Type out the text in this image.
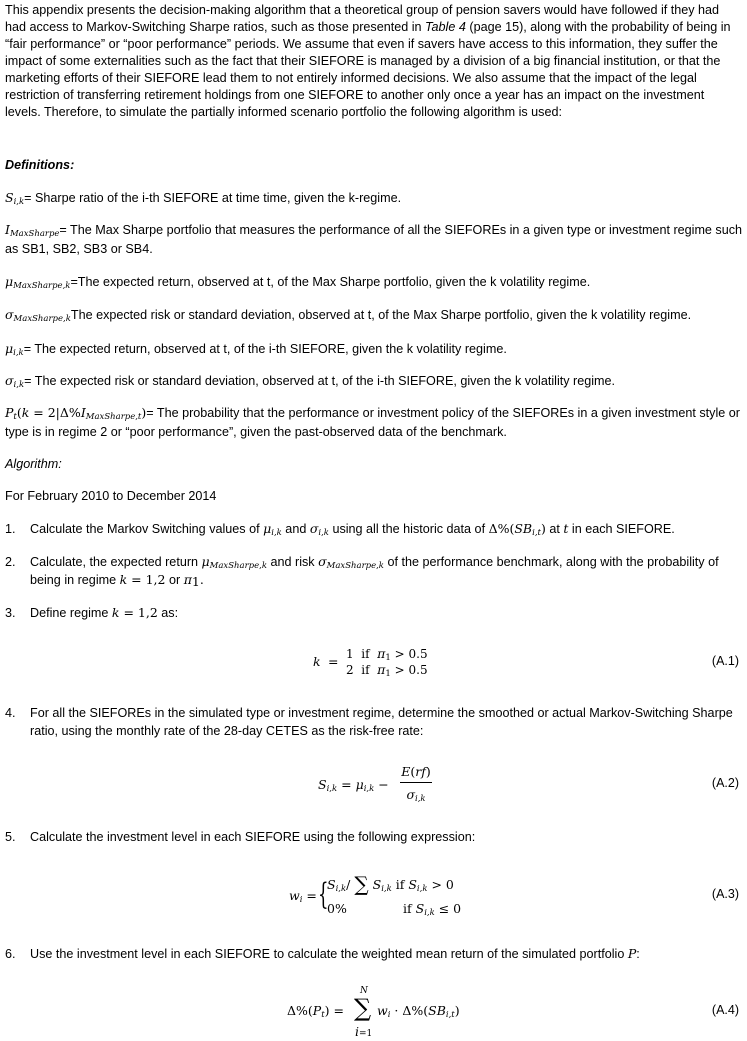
This appendix presents the decision-making algorithm that a theoretical group of pension savers would have followed if they had had access to Markov-Switching Sharpe ratios, such as those presented in Table 4 (page 15), along with the probability of being in “fair performance” or “poor performance” periods. We assume that even if savers have access to this information, they suffer the impact of some externalities such as the fact that their SIEFORE is managed by a division of a big financial institution, or that the marketing efforts of their SIEFORE lead them to not entirely informed decisions. We also assume that the impact of the legal restriction of transferring retirement holdings from one SIEFORE to another only once a year has an impact on the investment levels. Therefore, to simulate the partially informed scenario portfolio the following algorithm is used:

Definitions:
$S_{i,k}=$ Sharpe ratio of the i-th SIEFORE at time time, given the k-regime.
$I_{MaxSharpe}=$ The Max Sharpe portfolio that measures the performance of all the SIEFOREs in a given type or investment regime such as SB1, SB2, SB3 or SB4.
$\mu_{MaxSharpe,k}=The$ expected return, observed at t, of the Max Sharpe portfolio, given the k volatility regime.
$\sigma_{MaxSharpe,k}The$ expected risk or standard deviation, observed at t, of the Max Sharpe portfolio, given the k volatility regime.
$\mu_{i,k}=$ The expected return, observed at t, of the i-th SIEFORE, given the k volatility regime.
$\sigma_{i,k}=$ The expected risk or standard deviation, observed at t, of the i-th SIEFORE, given the k volatility regime.
$P_t(k = 2|\Delta\%I_{MaxSharpe,t})=$ The probability that the performance or investment policy of the SIEFOREs in a given investment style or type is in regime 2 or “poor performance”, given the past-observed data of the benchmark.
Algorithm:
For February 2010 to December 2014
1. Calculate the Markov Switching values of $\mu_{i,k}$ and $\sigma_{i,k}$ using all the historic data of $\Delta\%(SB_{i,t})$ at t in each SIEFORE.
2. Calculate, the expected return $\mu_{MaxSharpe,k}$ and risk $\sigma_{MaxSharpe,k}$ of the performance benchmark, along with the probability of being in regime k = 1,2 or $\pi_1$.
3. Define regime k = 1,2 as:
k = 1  if  $\pi_1 > 0.5$
2  if  $\pi_1 > 0.5$
(A.1)
4. For all the SIEFOREs in the simulated type or investment regime, determine the smoothed or actual Markov-Switching Sharpe ratio, using the monthly rate of the 28-day CETES as the risk-free rate:
$S_{i,k} = \mu_{i,k}$ −
E(rf)
$\sigma_{i,k}$
(A.2)
5. Calculate the investment level in each SIEFORE using the following expression:
$w_i$ = {
$S_{i,k}/$ ∑ $S_{i,k}$ if $S_{i,k} > 0$
0%	if $S_{i,k} \le 0$
(A.3)
6. Use the investment level in each SIEFORE to calculate the weighted mean return of the simulated portfolio P:
$\Delta\%(P_t)$ =
N
∑
i=1
$w_i \cdot \Delta\%(SB_{i,t})$	(A.4)
